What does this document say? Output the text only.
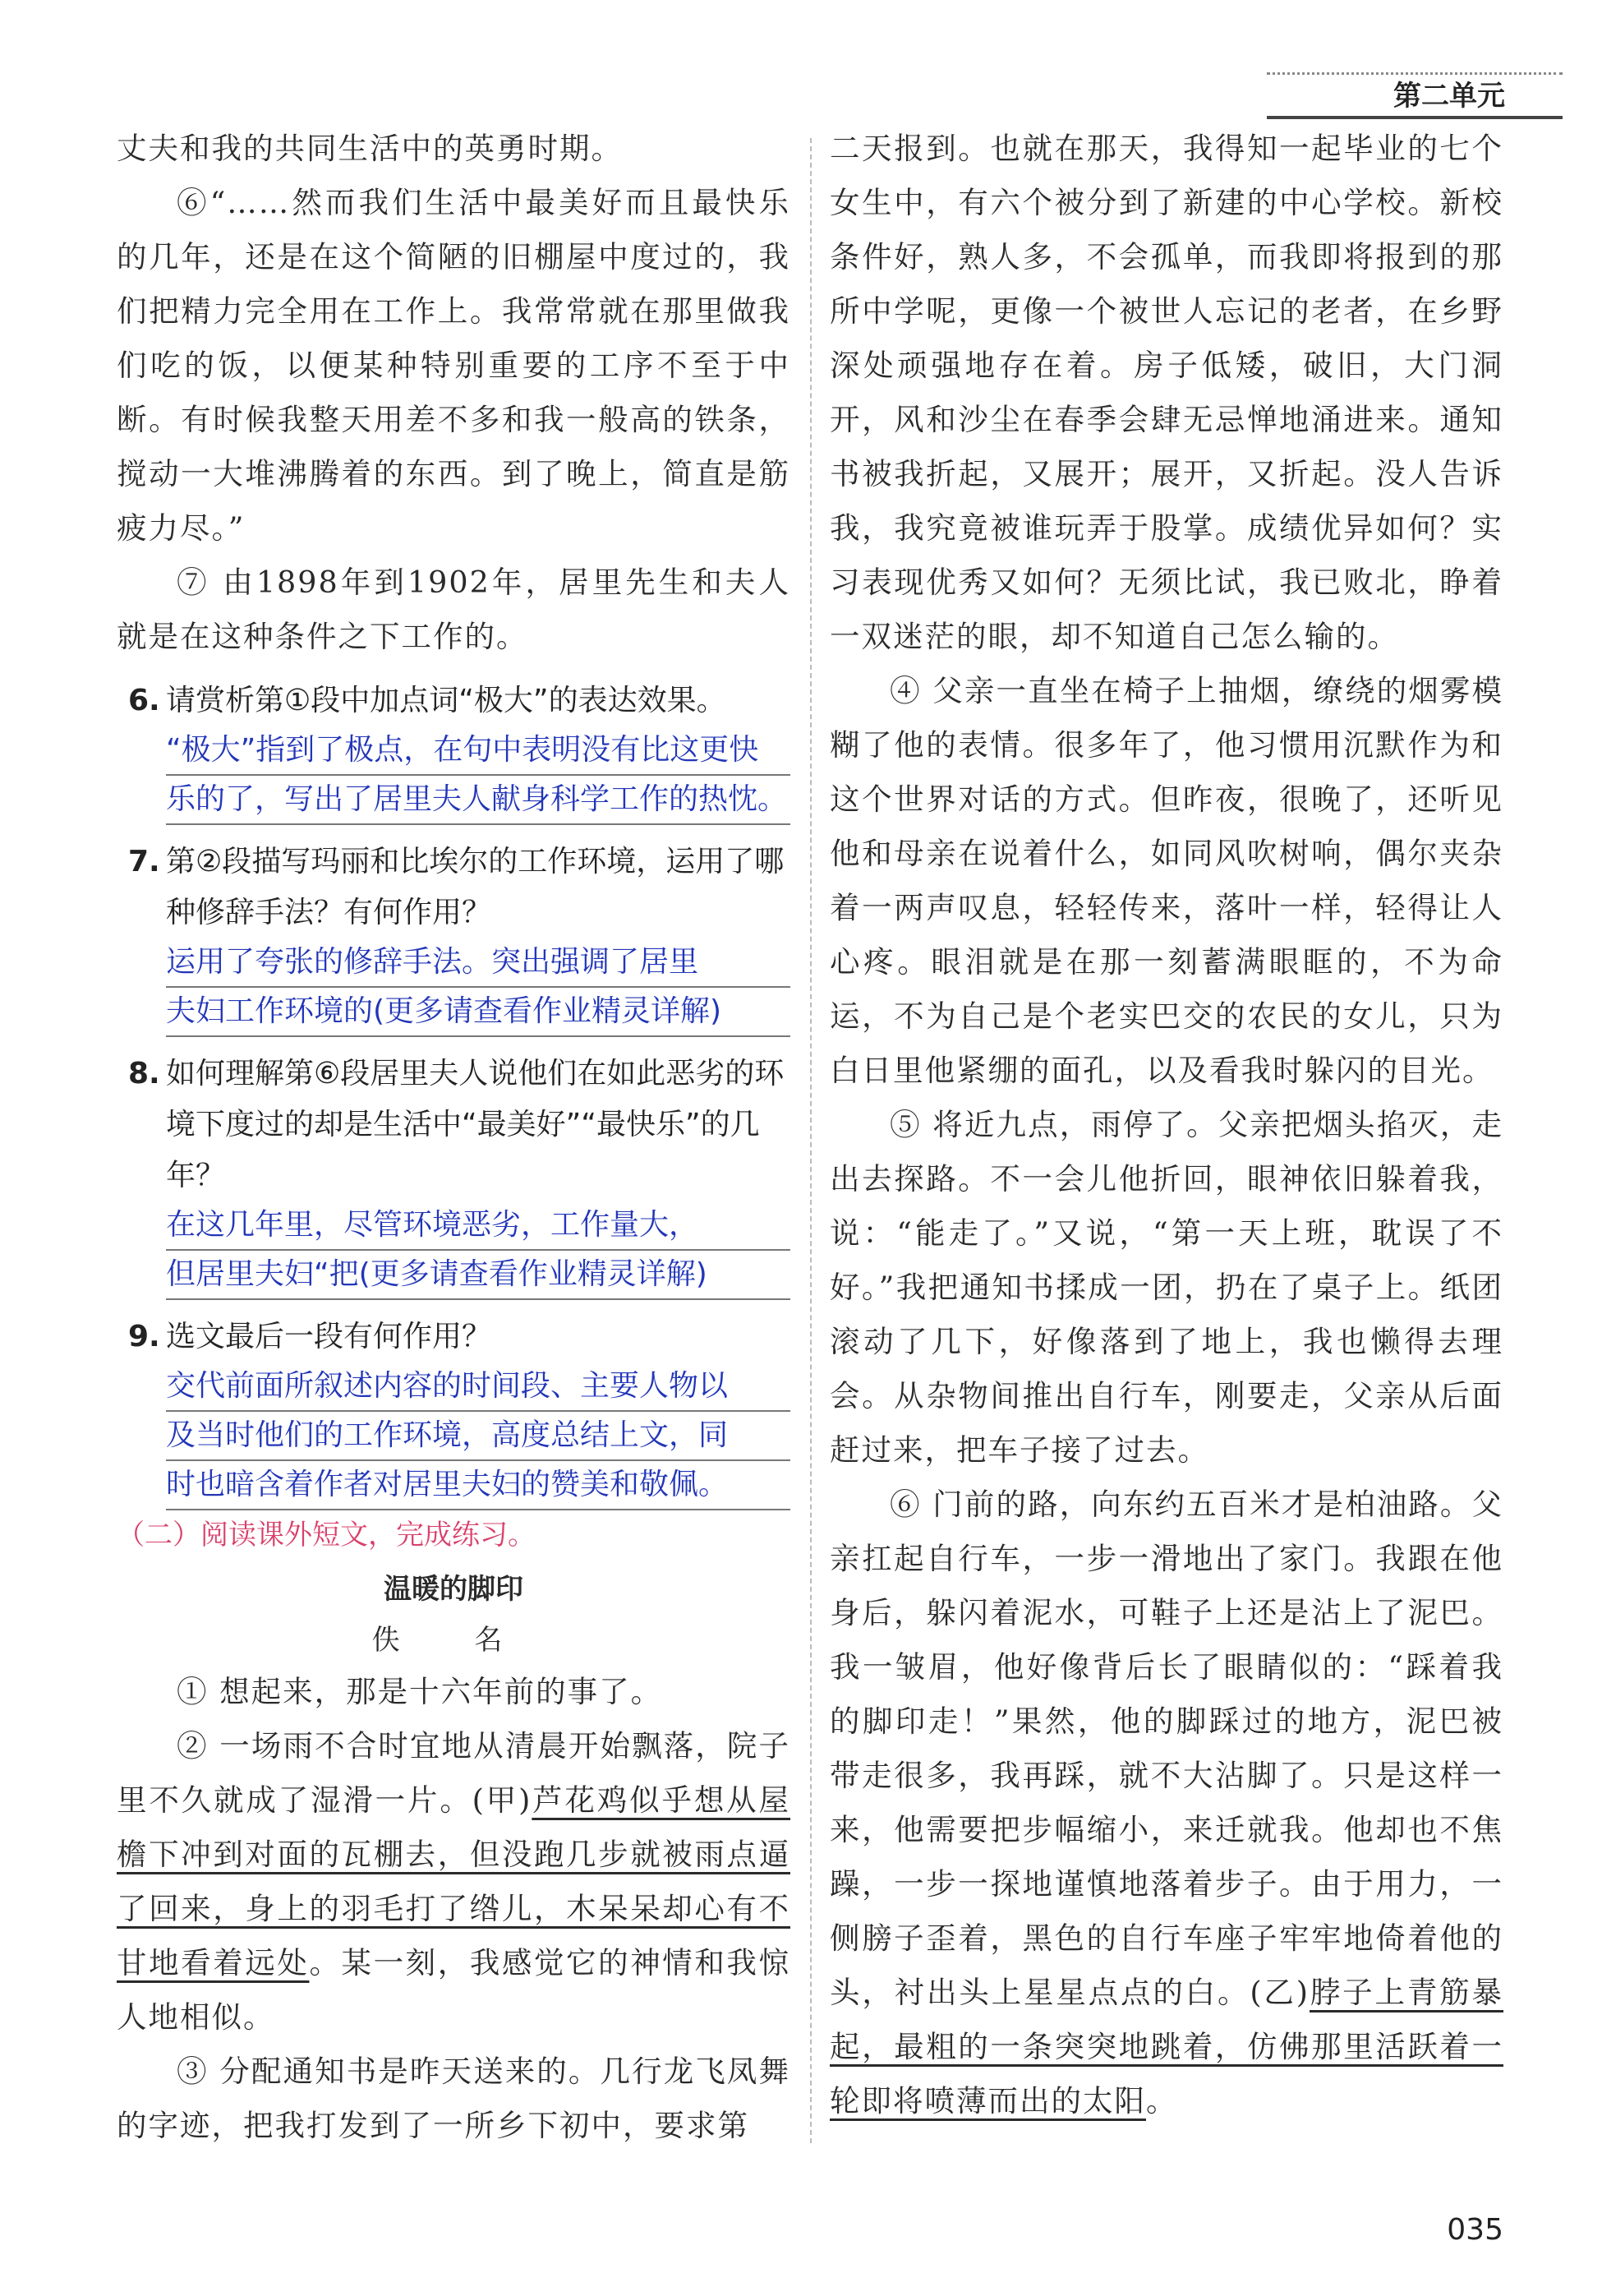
第二单元

丈夫和我的共同生活中的英勇时期。

⑥“……然而我们生活中最美好而且最快乐的几年，还是在这个简陋的旧棚屋中度过的，我们把精力完全用在工作上。我常常就在那里做我们吃的饭，以便某种特别重要的工序不至于中断。有时候我整天用差不多和我一般高的铁条，搅动一大堆沸腾着的东西。到了晚上，简直是筋疲力尽。”

⑦ 由1898年到1902年，居里先生和夫人就是在这种条件之下工作的。

6. 请赏析第①段中加点词“极大”的表达效果。
“极大”指到了极点，在句中表明没有比这更快
乐的了，写出了居里夫人献身科学工作的热忱。
7. 第②段描写玛丽和比埃尔的工作环境，运用了哪种修辞手法？有何作用？
运用了夸张的修辞手法。突出强调了居里
夫妇工作环境的(更多请查看作业精灵详解)
8. 如何理解第⑥段居里夫人说他们在如此恶劣的环境下度过的却是生活中“最美好”“最快乐”的几年？
在这几年里，尽管环境恶劣，工作量大，
但居里夫妇“把(更多请查看作业精灵详解)
9. 选文最后一段有何作用？
交代前面所叙述内容的时间段、主要人物以
及当时他们的工作环境，高度总结上文，同
时也暗含着作者对居里夫妇的赞美和敬佩。
（二）阅读课外短文，完成练习。
温暖的脚印
佚 名

① 想起来，那是十六年前的事了。

② 一场雨不合时宜地从清晨开始飘落，院子里不久就成了湿滑一片。(甲)芦花鸡似乎想从屋檐下冲到对面的瓦棚去，但没跑几步就被雨点逼了回来，身上的羽毛打了绺儿，木呆呆却心有不甘地看着远处。某一刻，我感觉它的神情和我惊人地相似。

③ 分配通知书是昨天送来的。几行龙飞凤舞的字迹，把我打发到了一所乡下初中，要求第

二天报到。也就在那天，我得知一起毕业的七个女生中，有六个被分到了新建的中心学校。新校条件好，熟人多，不会孤单，而我即将报到的那所中学呢，更像一个被世人忘记的老者，在乡野深处顽强地存在着。房子低矮，破旧，大门洞开，风和沙尘在春季会肆无忌惮地涌进来。通知书被我折起，又展开；展开，又折起。没人告诉我，我究竟被谁玩弄于股掌。成绩优异如何？实习表现优秀又如何？无须比试，我已败北，睁着一双迷茫的眼，却不知道自己怎么输的。

④ 父亲一直坐在椅子上抽烟，缭绕的烟雾模糊了他的表情。很多年了，他习惯用沉默作为和这个世界对话的方式。但昨夜，很晚了，还听见他和母亲在说着什么，如同风吹树响，偶尔夹杂着一两声叹息，轻轻传来，落叶一样，轻得让人心疼。眼泪就是在那一刻蓄满眼眶的，不为命运，不为自己是个老实巴交的农民的女儿，只为白日里他紧绷的面孔，以及看我时躲闪的目光。

⑤ 将近九点，雨停了。父亲把烟头掐灭，走出去探路。不一会儿他折回，眼神依旧躲着我，说：“能走了。”又说，“第一天上班，耽误了不好。”我把通知书揉成一团，扔在了桌子上。纸团滚动了几下，好像落到了地上，我也懒得去理会。从杂物间推出自行车，刚要走，父亲从后面赶过来，把车子接了过去。

⑥ 门前的路，向东约五百米才是柏油路。父亲扛起自行车，一步一滑地出了家门。我跟在他身后，躲闪着泥水，可鞋子上还是沾上了泥巴。我一皱眉，他好像背后长了眼睛似的：“踩着我的脚印走！”果然，他的脚踩过的地方，泥巴被带走很多，我再踩，就不大沾脚了。只是这样一来，他需要把步幅缩小，来迁就我。他却也不焦躁，一步一探地谨慎地落着步子。由于用力，一侧膀子歪着，黑色的自行车座子牢牢地倚着他的头，衬出头上星星点点的白。(乙)脖子上青筋暴起，最粗的一条突突地跳着，仿佛那里活跃着一轮即将喷薄而出的太阳。

035
